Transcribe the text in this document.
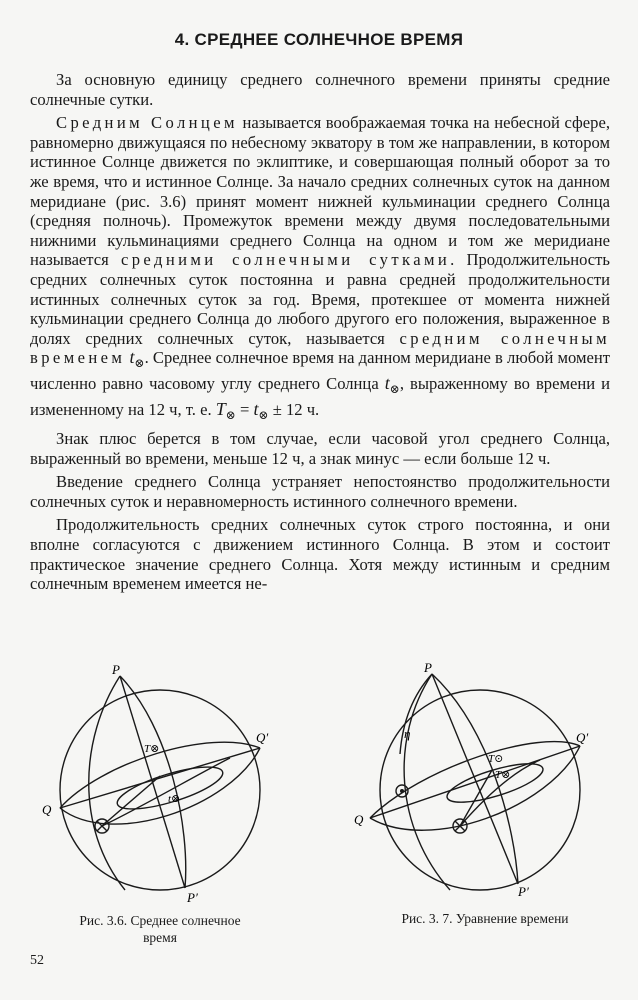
4. СРЕДНЕЕ СОЛНЕЧНОЕ ВРЕМЯ

За основную единицу среднего солнечного времени приняты средние солнечные сутки.

Средним Солнцем называется воображаемая точка на небесной сфере, равномерно движущаяся по небесному экватору в том же направлении, в котором истинное Солнце движется по эклиптике, и совершающая полный оборот за то же время, что и истинное Солнце. За начало средних солнечных суток на данном меридиане (рис. 3.6) принят момент нижней кульминации среднего Солнца (средняя полночь). Промежуток времени между двумя последовательными нижними кульминациями среднего Солнца на одном и том же меридиане называется средними солнечными сутками. Продолжительность средних солнечных суток постоянна и равна средней продолжительности истинных солнечных суток за год. Время, протекшее от момента нижней кульминации среднего Солнца до любого другого его положения, выраженное в долях средних солнечных суток, называется средним солнечным временем $t_\otimes$. Среднее солнечное время на данном меридиане в любой момент численно равно часовому углу среднего Солнца $t_\otimes$, выраженному во времени и измененному на 12 ч, т. е. $T_\otimes = t_\otimes \pm 12$ ч.

Знак плюс берется в том случае, если часовой угол среднего Солнца, выраженный во времени, меньше 12 ч, а знак минус — если больше 12 ч.

Введение среднего Солнца устраняет непостоянство продолжительности солнечных суток и неравномерность истинного солнечного времени.

Продолжительность средних солнечных суток строго постоянна, и они вполне согласуются с движением истинного Солнца. В этом и состоит практическое значение среднего Солнца. Хотя между истинным и средним солнечным временем имеется не-

P
P′
Q
Q′
T⊗
t⊗
P
P′
Q
Q′
η
T⊙
T⊗
Рис. 3.6. Среднее солнечное
время
Рис. 3. 7. Уравнение времени
52
